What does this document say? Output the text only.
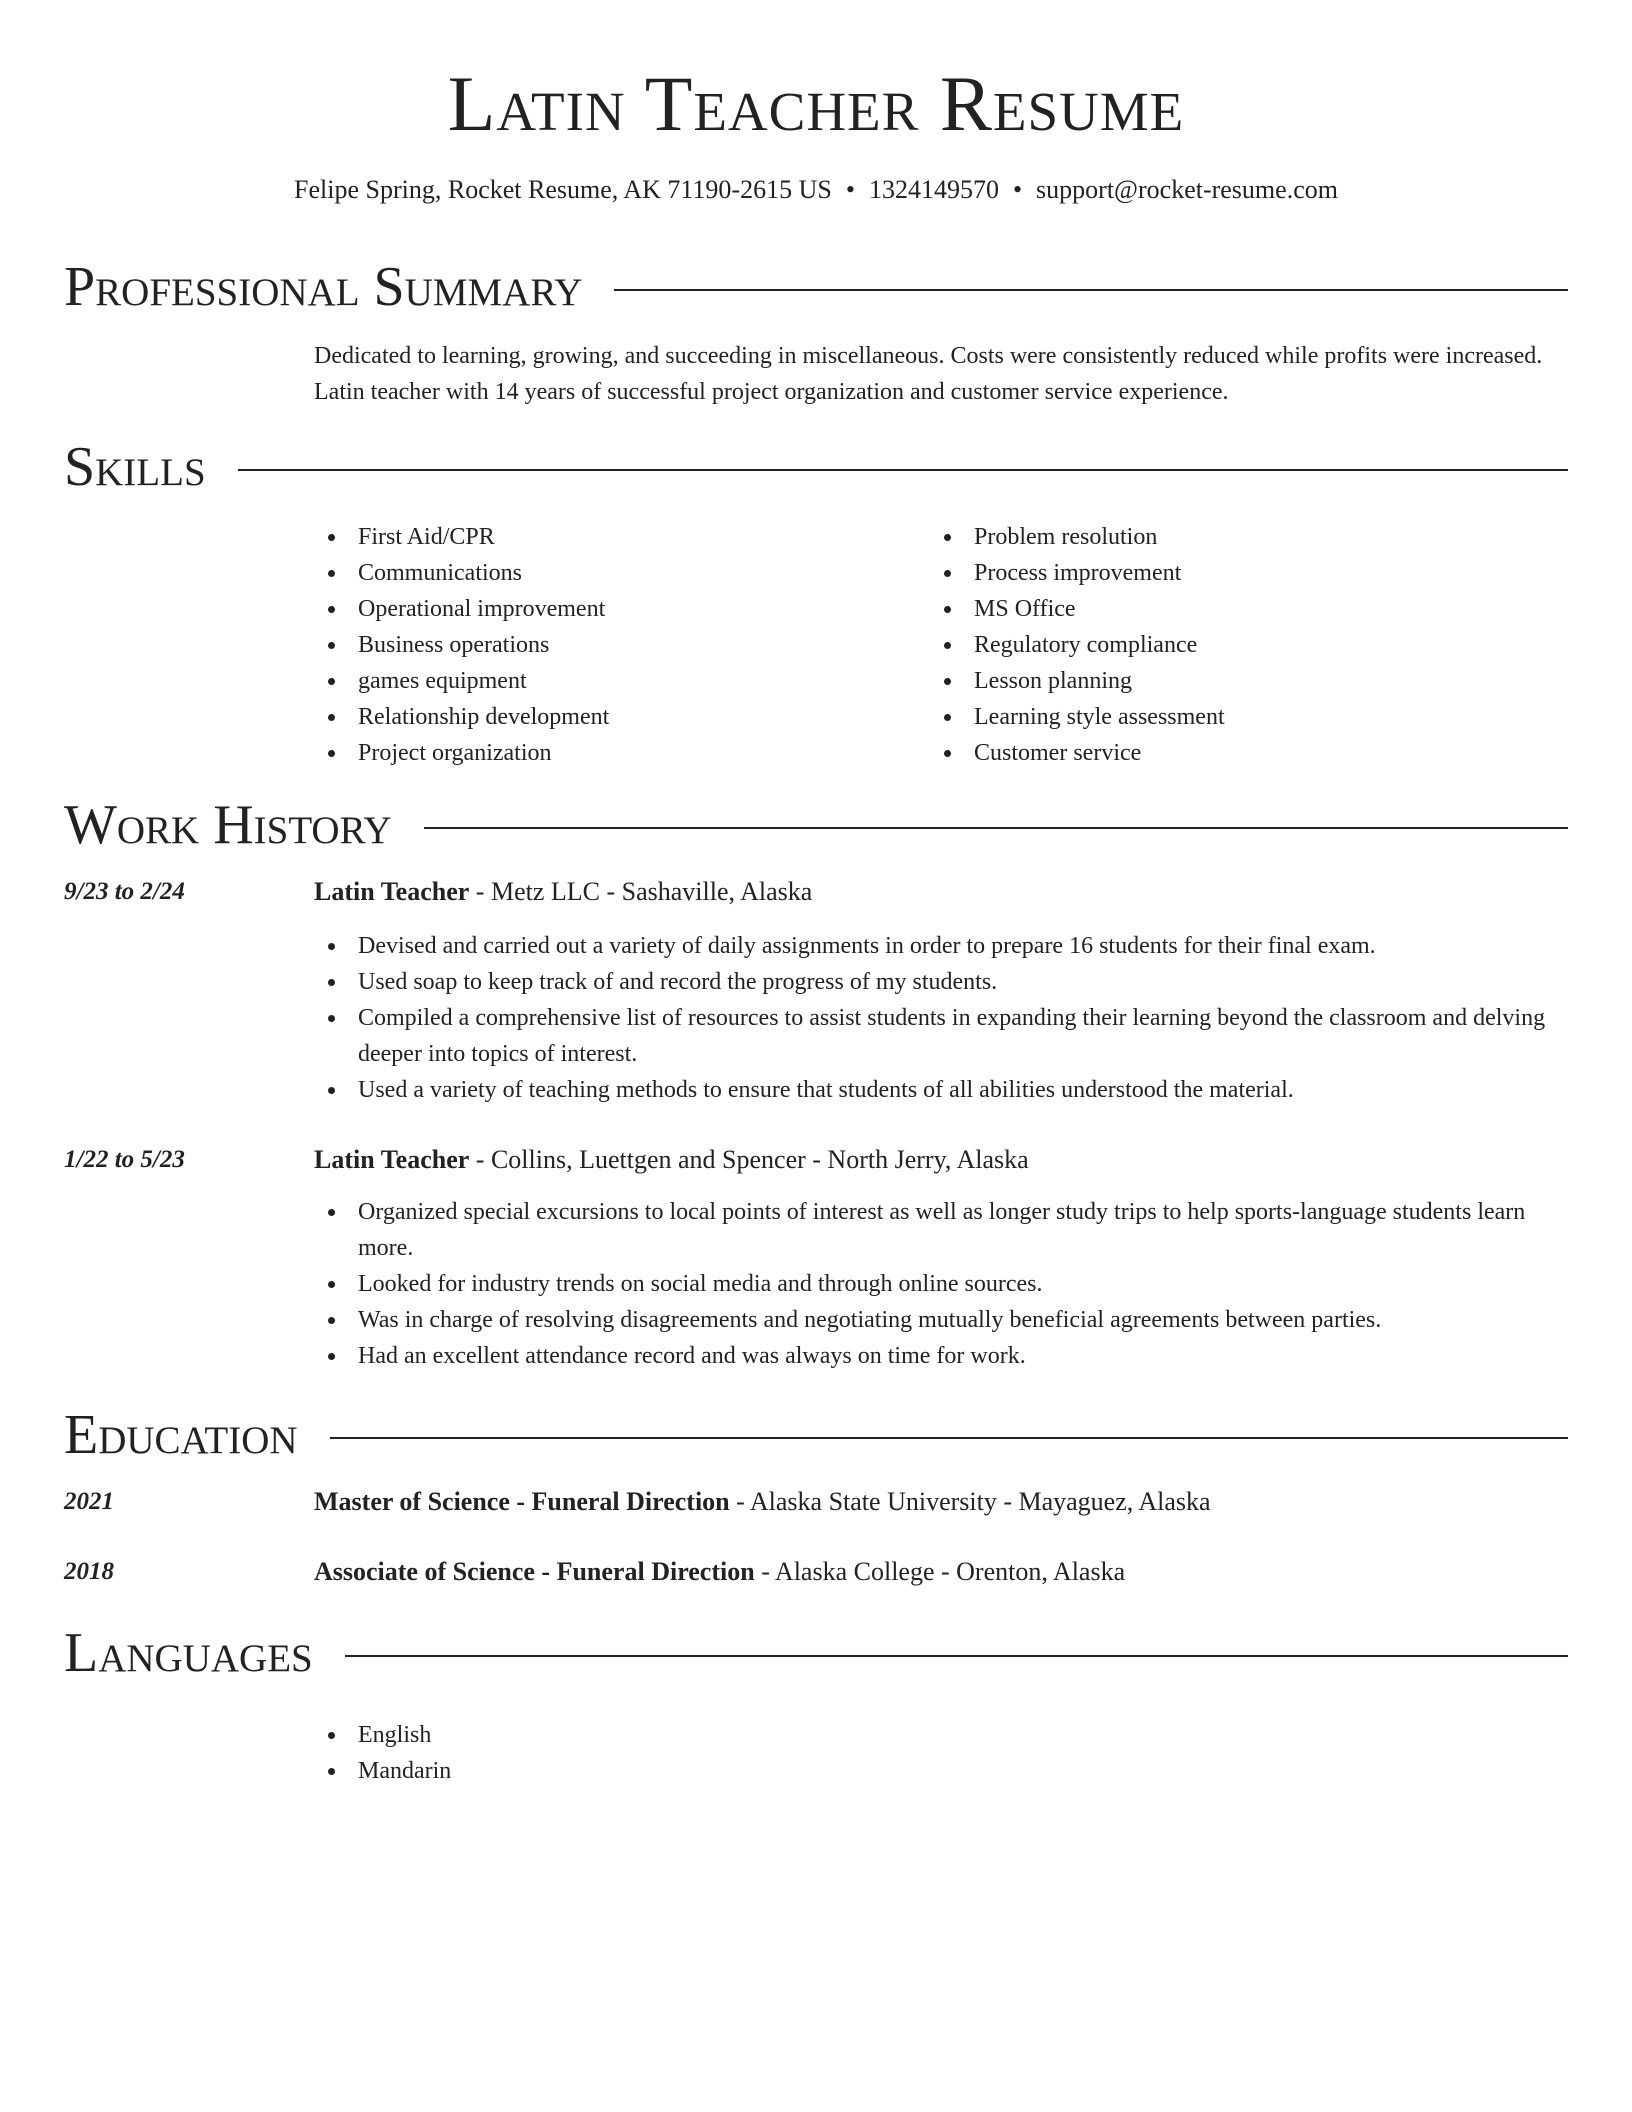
Latin Teacher Resume
Felipe Spring, Rocket Resume, AK 71190-2615 US • 1324149570 • support@rocket-resume.com
Professional Summary
Dedicated to learning, growing, and succeeding in miscellaneous. Costs were consistently reduced while profits were increased. Latin teacher with 14 years of successful project organization and customer service experience.
Skills
First Aid/CPR
Communications
Operational improvement
Business operations
games equipment
Relationship development
Project organization
Problem resolution
Process improvement
MS Office
Regulatory compliance
Lesson planning
Learning style assessment
Customer service
Work History
9/23 to 2/24	Latin Teacher - Metz LLC - Sashaville, Alaska
Devised and carried out a variety of daily assignments in order to prepare 16 students for their final exam.
Used soap to keep track of and record the progress of my students.
Compiled a comprehensive list of resources to assist students in expanding their learning beyond the classroom and delving deeper into topics of interest.
Used a variety of teaching methods to ensure that students of all abilities understood the material.
1/22 to 5/23	Latin Teacher - Collins, Luettgen and Spencer - North Jerry, Alaska
Organized special excursions to local points of interest as well as longer study trips to help sports-language students learn more.
Looked for industry trends on social media and through online sources.
Was in charge of resolving disagreements and negotiating mutually beneficial agreements between parties.
Had an excellent attendance record and was always on time for work.
Education
2021	Master of Science - Funeral Direction - Alaska State University - Mayaguez, Alaska
2018	Associate of Science - Funeral Direction - Alaska College - Orenton, Alaska
Languages
English
Mandarin
